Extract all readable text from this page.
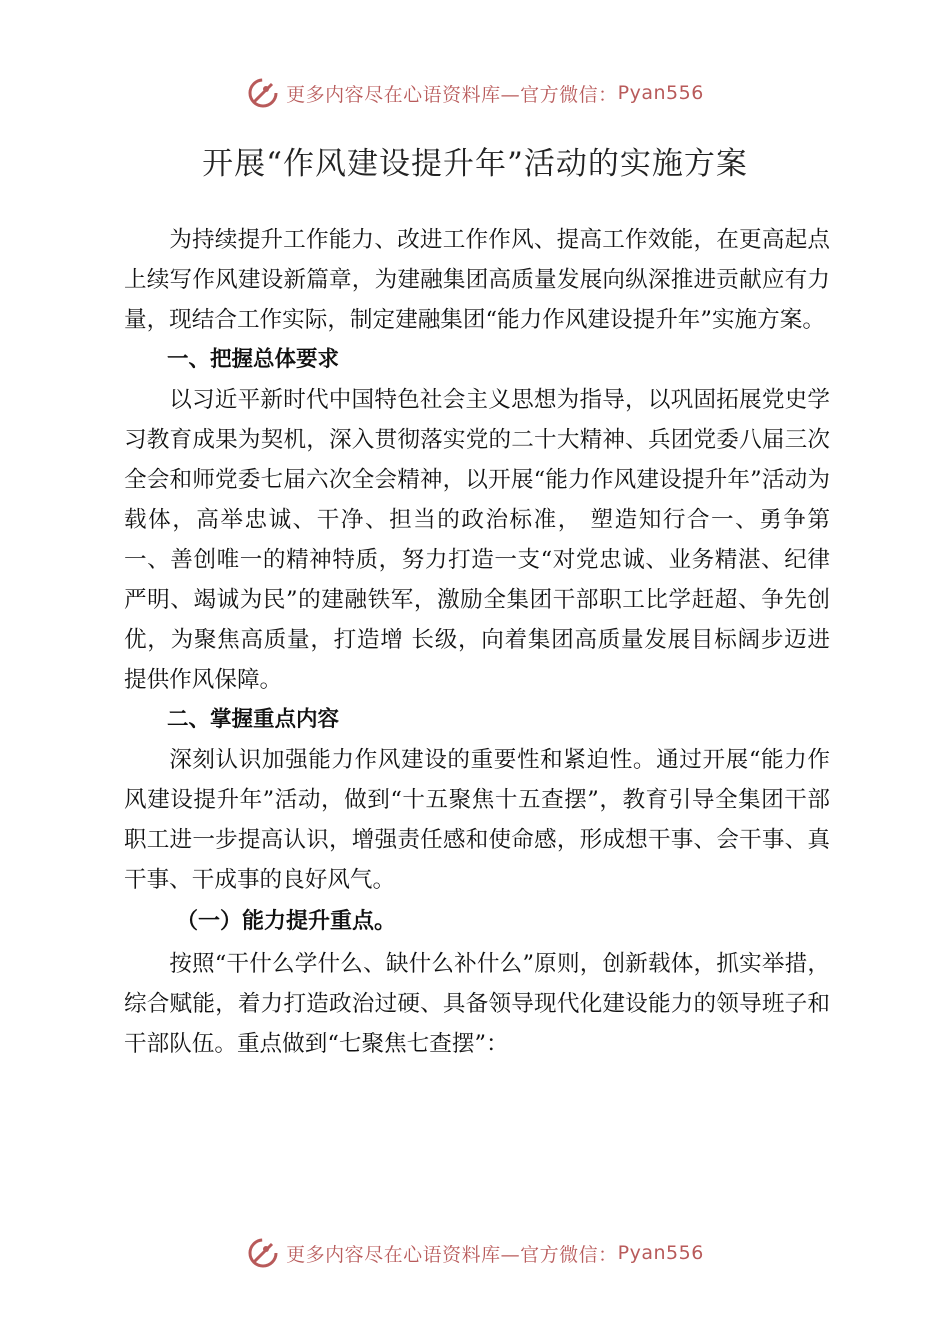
更多内容尽在心语资料库—官方微信： Pyan556
开展“作风建设提升年”活动的实施方案

为持续提升工作能力、改进工作作风、提高工作效能，在更高起点上续写作风建设新篇章，为建融集团高质量发展向纵深推进贡献应有力量，现结合工作实际，制定建融集团“能力作风建设提升年”实施方案。

一、把握总体要求

以习近平新时代中国特色社会主义思想为指导，以巩固拓展党史学习教育成果为契机，深入贯彻落实党的二十大精神、兵团党委八届三次全会和师党委七届六次全会精神，以开展“能力作风建设提升年”活动为载体，高举忠诚、干净、担当的政治标准， 塑造知行合一、勇争第一、善创唯一的精神特质，努力打造一支“对党忠诚、业务精湛、纪律严明、竭诚为民”的建融铁军，激励全集团干部职工比学赶超、争先创优，为聚焦高质量，打造增 长级，向着集团高质量发展目标阔步迈进提供作风保障。

二、掌握重点内容

深刻认识加强能力作风建设的重要性和紧迫性。通过开展“能力作风建设提升年”活动，做到“十五聚焦十五查摆”，教育引导全集团干部职工进一步提高认识，增强责任感和使命感，形成想干事、会干事、真干事、干成事的良好风气。

（一）能力提升重点。

按照“干什么学什么、缺什么补什么”原则，创新载体，抓实举措，综合赋能，着力打造政治过硬、具备领导现代化建设能力的领导班子和干部队伍。重点做到“七聚焦七查摆”：

更多内容尽在心语资料库—官方微信： Pyan556
